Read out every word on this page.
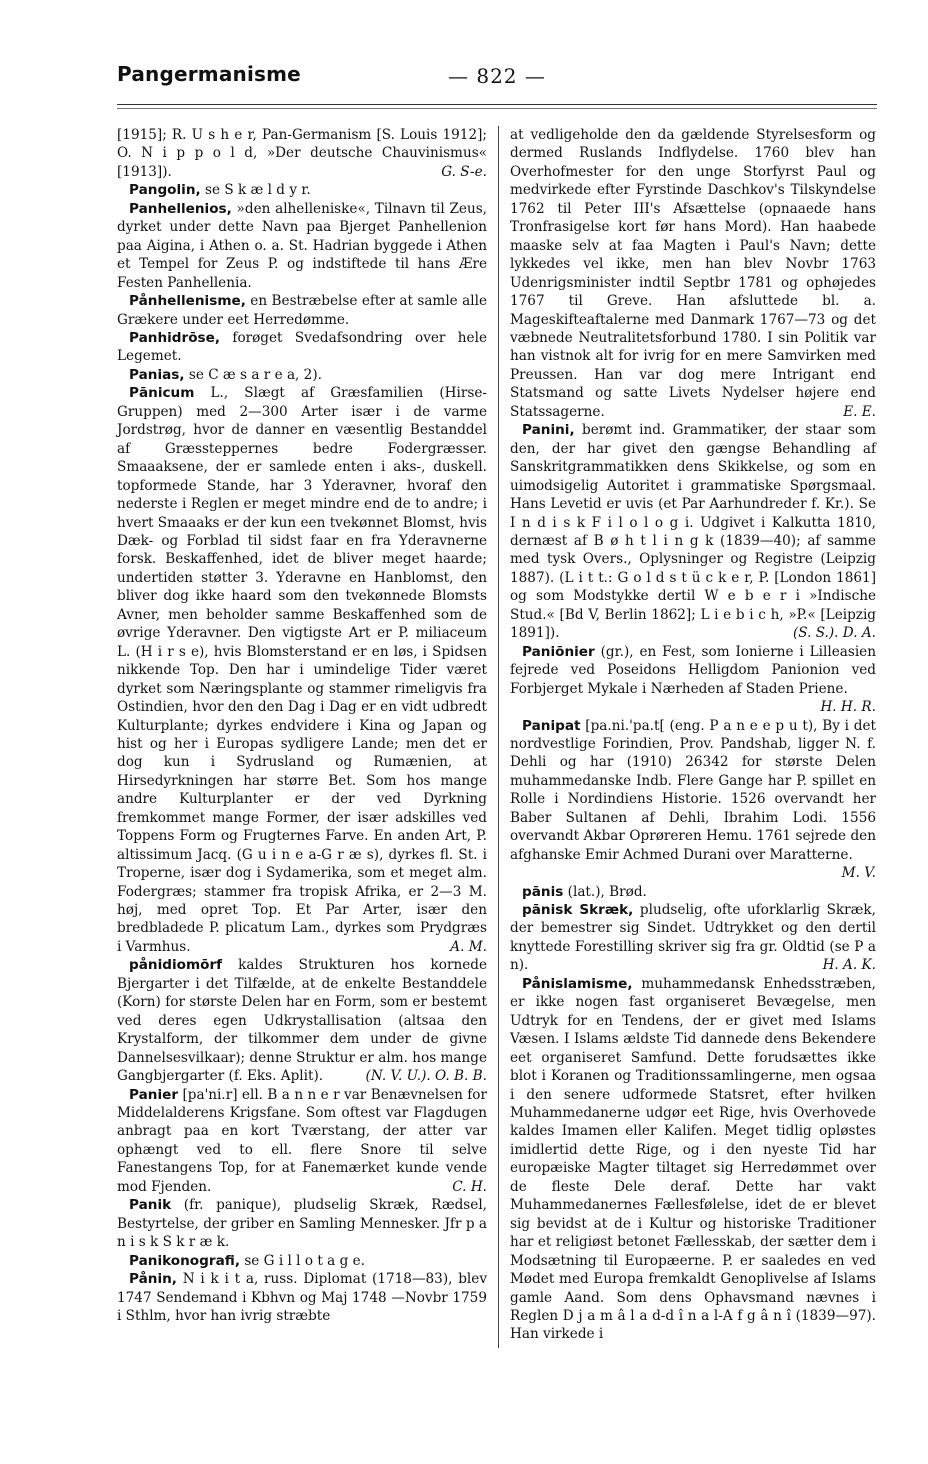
Pangermanisme	— 822 —

[1915]; R. U s h e r, Pan-Germanism [S. Louis 1912]; O. N i p p o l d, »Der deutsche Chauvinismus« [1913]).	G. S-e.

Pangolin, se S k æ l d y r.

Panhellenios, »den alhelleniske«, Tilnavn til Zeus, dyrket under dette Navn paa Bjerget Panhellenion paa Aigina, i Athen o. a. St. Hadrian byggede i Athen et Tempel for Zeus P. og indstiftede til hans Ære Festen Panhellenia.

Pånhellenisme, en Bestræbelse efter at samle alle Grækere under eet Herredømme.

Panhidrōse, forøget Svedafsondring over hele Legemet.

Panias, se C æ s a r e a, 2).

Pānicum L., Slægt af Græsfamilien (Hirse-Gruppen) med 2—300 Arter især i de varme Jordstrøg, hvor de danner en væsentlig Bestanddel af Græssteppernes bedre Fodergræsser. Smaaaksene, der er samlede enten i aks-, duskell. topformede Stande, har 3 Yderavner, hvoraf den nederste i Reglen er meget mindre end de to andre; i hvert Smaaaks er der kun een tvekønnet Blomst, hvis Dæk- og Forblad til sidst faar en fra Yderavnerne forsk. Beskaffenhed, idet de bliver meget haarde; undertiden støtter 3. Yderavne en Hanblomst, den bliver dog ikke haard som den tvekønnede Blomsts Avner, men beholder samme Beskaffenhed som de øvrige Yderavner. Den vigtigste Art er P. miliaceum L. (H i r s e), hvis Blomsterstand er en løs, i Spidsen nikkende Top. Den har i umindelige Tider været dyrket som Næringsplante og stammer rimeligvis fra Ostindien, hvor den den Dag i Dag er en vidt udbredt Kulturplante; dyrkes endvidere i Kina og Japan og hist og her i Europas sydligere Lande; men det er dog kun i Sydrusland og Rumænien, at Hirsedyrkningen har større Bet. Som hos mange andre Kulturplanter er der ved Dyrkning fremkommet mange Former, der især adskilles ved Toppens Form og Frugternes Farve. En anden Art, P. altissimum Jacq. (G u i n e a-G r æ s), dyrkes fl. St. i Troperne, især dog i Sydamerika, som et meget alm. Fodergræs; stammer fra tropisk Afrika, er 2—3 M. høj, med opret Top. Et Par Arter, især den bredbladede P. plicatum Lam., dyrkes som Prydgræs i Varmhus.	A. M.

pånidiomōrf kaldes Strukturen hos kornede Bjergarter i det Tilfælde, at de enkelte Bestanddele (Korn) for største Delen har en Form, som er bestemt ved deres egen Udkrystallisation (altsaa den Krystalform, der tilkommer dem under de givne Dannelsesvilkaar); denne Struktur er alm. hos mange Gangbjergarter (f. Eks. Aplit).	(N. V. U.). O. B. B.

Panier [pa'ni.r] ell. B a n n e r var Benævnelsen for Middelalderens Krigsfane. Som oftest var Flagdugen anbragt paa en kort Tværstang, der atter var ophængt ved to ell. flere Snore til selve Fanestangens Top, for at Fanemærket kunde vende mod Fjenden.	C. H.

Panik (fr. panique), pludselig Skræk, Rædsel, Bestyrtelse, der griber en Samling Mennesker. Jfr p a n i s k S k r æ k.

Panikonografi, se G i l l o t a g e.

Pånin, N i k i t a, russ. Diplomat (1718—83), blev 1747 Sendemand i Kbhvn og Maj 1748 —Novbr 1759 i Sthlm, hvor han ivrig stræbte

at vedligeholde den da gældende Styrelsesform og dermed Ruslands Indflydelse. 1760 blev han Overhofmester for den unge Storfyrst Paul og medvirkede efter Fyrstinde Daschkov's Tilskyndelse 1762 til Peter III's Afsættelse (opnaaede hans Tronfrasigelse kort før hans Mord). Han haabede maaske selv at faa Magten i Paul's Navn; dette lykkedes vel ikke, men han blev Novbr 1763 Udenrigsminister indtil Septbr 1781 og ophøjedes 1767 til Greve. Han afsluttede bl. a. Mageskifteaftalerne med Danmark 1767—73 og det væbnede Neutralitetsforbund 1780. I sin Politik var han vistnok alt for ivrig for en mere Samvirken med Preussen. Han var dog mere Intrigant end Statsmand og satte Livets Nydelser højere end Statssagerne.	E. E.

Panini, berømt ind. Grammatiker, der staar som den, der har givet den gængse Behandling af Sanskritgrammatikken dens Skikkelse, og som en uimodsigelig Autoritet i grammatiske Spørgsmaal. Hans Levetid er uvis (et Par Aarhundreder f. Kr.). Se I n d i s k F i l o l o g i. Udgivet i Kalkutta 1810, dernæst af B ø h t l i n g k (1839—40); af samme med tysk Overs., Oplysninger og Registre (Leipzig 1887). (L i t t.: G o l d s t ü c k e r, P. [London 1861] og som Modstykke dertil W e b e r i »Indische Stud.« [Bd V, Berlin 1862]; L i e b i c h, »P.« [Leipzig 1891]).	(S. S.). D. A.

Paniōnier (gr.), en Fest, som Ionierne i Lilleasien fejrede ved Poseidons Helligdom Panionion ved Forbjerget Mykale i Nærheden af Staden Priene.
H. H. R.

Panipat [pa.ni.'pa.t[ (eng. P a n e e p u t), By i det nordvestlige Forindien, Prov. Pandshab, ligger N. f. Dehli og har (1910) 26342 for største Delen muhammedanske Indb. Flere Gange har P. spillet en Rolle i Nordindiens Historie. 1526 overvandt her Baber Sultanen af Dehli, Ibrahim Lodi. 1556 overvandt Akbar Oprøreren Hemu. 1761 sejrede den afghanske Emir Achmed Durani over Maratterne.
M. V.

pānis (lat.), Brød.

pānisk Skræk, pludselig, ofte uforklarlig Skræk, der bemestrer sig Sindet. Udtrykket og den dertil knyttede Forestilling skriver sig fra gr. Oldtid (se P a n).	H. A. K.

Pånislamisme, muhammedansk Enhedsstræben, er ikke nogen fast organiseret Bevægelse, men Udtryk for en Tendens, der er givet med Islams Væsen. I Islams ældste Tid dannede dens Bekendere eet organiseret Samfund. Dette forudsættes ikke blot i Koranen og Traditionssamlingerne, men ogsaa i den senere udformede Statsret, efter hvilken Muhammedanerne udgør eet Rige, hvis Overhovede kaldes Imamen eller Kalifen. Meget tidlig opløstes imidlertid dette Rige, og i den nyeste Tid har europæiske Magter tiltaget sig Herredømmet over de fleste Dele deraf. Dette har vakt Muhammedanernes Fællesfølelse, idet de er blevet sig bevidst at de i Kultur og historiske Traditioner har et religiøst betonet Fællesskab, der sætter dem i Modsætning til Europæerne. P. er saaledes en ved Mødet med Europa fremkaldt Genoplivelse af Islams gamle Aand. Som dens Ophavsmand nævnes i Reglen D j a m â l a d-d î n a l-A f g â n î (1839—97). Han virkede i
